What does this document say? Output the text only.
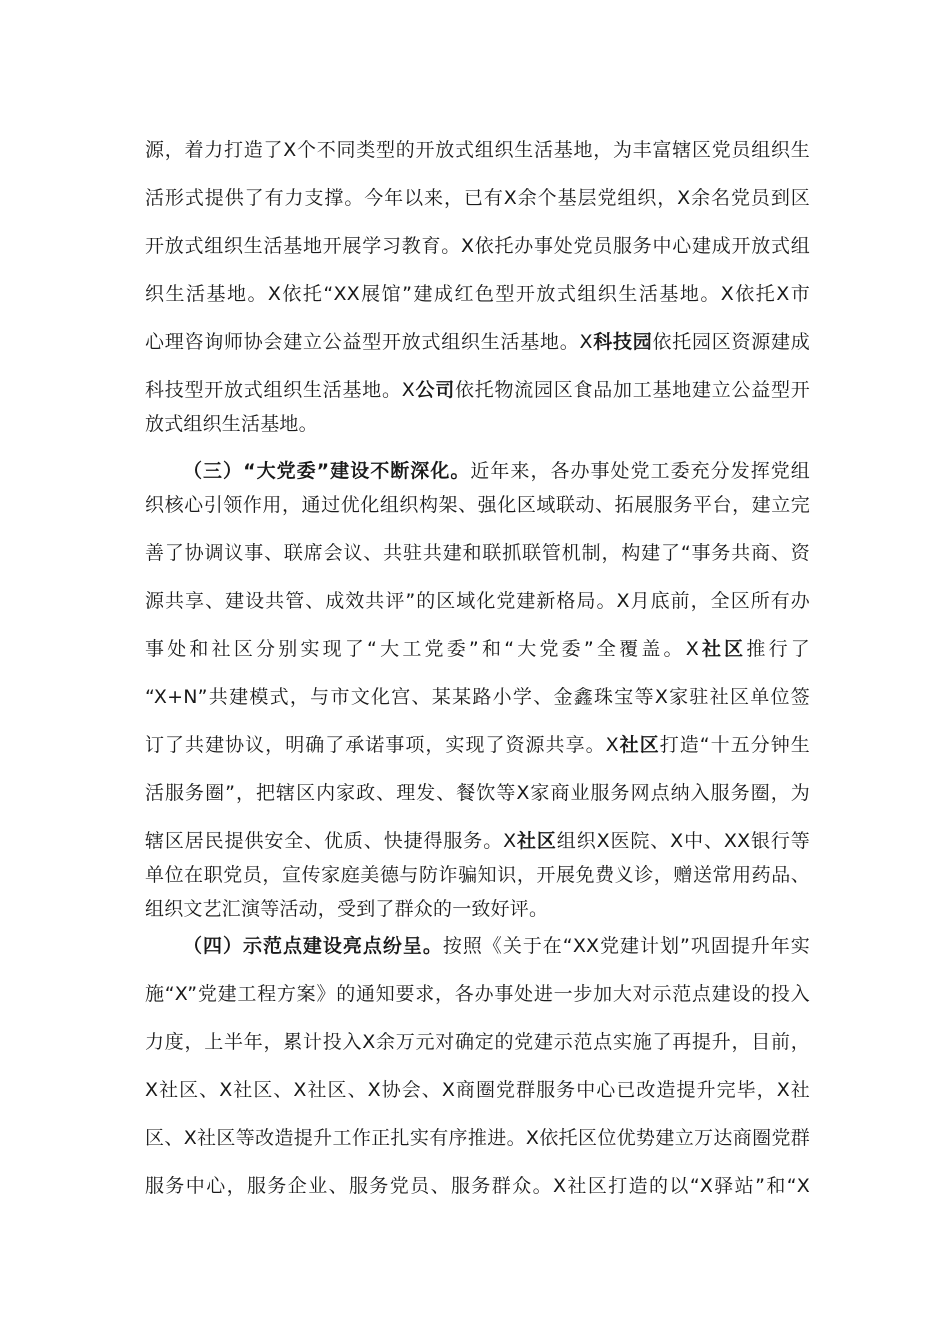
源，着力打造了X个不同类型的开放式组织生活基地，为丰富辖区党员组织生
活形式提供了有力支撑。今年以来，已有X余个基层党组织，X余名党员到区
开放式组织生活基地开展学习教育。X依托办事处党员服务中心建成开放式组
织生活基地。X依托“XX展馆”建成红色型开放式组织生活基地。X依托X市
心理咨询师协会建立公益型开放式组织生活基地。X科技园依托园区资源建成
科技型开放式组织生活基地。X公司依托物流园区食品加工基地建立公益型开
放式组织生活基地。
（三）“大党委”建设不断深化。近年来，各办事处党工委充分发挥党组
织核心引领作用，通过优化组织构架、强化区域联动、拓展服务平台，建立完
善了协调议事、联席会议、共驻共建和联抓联管机制，构建了“事务共商、资
源共享、建设共管、成效共评”的区域化党建新格局。X月底前，全区所有办
事处和社区分别实现了“大工党委”和“大党委”全覆盖。X社区推行了
“X+N”共建模式，与市文化宫、某某路小学、金鑫珠宝等X家驻社区单位签
订了共建协议，明确了承诺事项，实现了资源共享。X社区打造“十五分钟生
活服务圈”，把辖区内家政、理发、餐饮等X家商业服务网点纳入服务圈，为
辖区居民提供安全、优质、快捷得服务。X社区组织X医院、X中、XX银行等
单位在职党员，宣传家庭美德与防诈骗知识，开展免费义诊，赠送常用药品、
组织文艺汇演等活动，受到了群众的一致好评。
（四）示范点建设亮点纷呈。按照《关于在“XX党建计划”巩固提升年实
施“X”党建工程方案》的通知要求，各办事处进一步加大对示范点建设的投入
力度，上半年，累计投入X余万元对确定的党建示范点实施了再提升，目前，
X社区、X社区、X社区、X协会、X商圈党群服务中心已改造提升完毕，X社
区、X社区等改造提升工作正扎实有序推进。X依托区位优势建立万达商圈党群
服务中心，服务企业、服务党员、服务群众。X社区打造的以“X驿站”和“X
